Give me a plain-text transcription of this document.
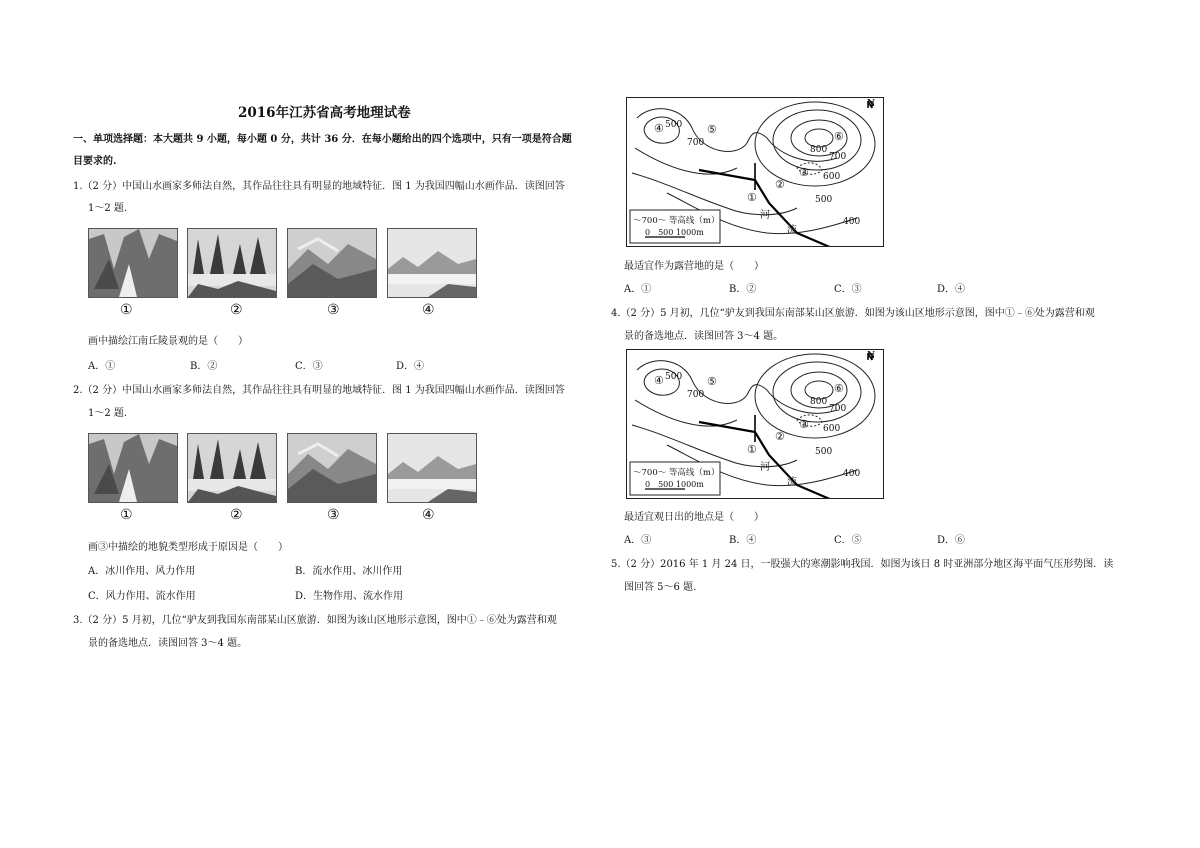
2016年江苏省高考地理试卷
一、单项选择题：本大题共 9 小题，每小题 0 分，共计 36 分．在每小题给出的四个选项中，只有一项是符合题
目要求的.
1.（2 分）中国山水画家多师法自然，其作品往往具有明显的地域特征．图 1 为我国四幅山水画作品．读图回答
1～2 题.
①	②	③	④
画中描绘江南丘陵景观的是（　　）
A．①	B．②	C．③	D．④
2.（2 分）中国山水画家多师法自然，其作品往往具有明显的地域特征．图 1 为我国四幅山水画作品．读图回答
1～2 题.
①	②	③	④
画③中描绘的地貌类型形成于原因是（　　）
A．冰川作用、风力作用	B．流水作用、冰川作用
C．风力作用、流水作用	D．生物作用、流水作用
3.（2 分）5 月初，几位“驴友到我国东南部某山区旅游．如图为该山区地形示意图，图中①﹣⑥处为露营和观
景的备选地点．读图回答 3～4 题。
N
500
700
800
700
600
500
400
①
②
③
④	⑤
⑥
河
流
～700～ 等高线（m）
0　500 1000m
最适宜作为露营地的是（　　）
A．①	B．②	C．③	D．④
4.（2 分）5 月初，几位“驴友到我国东南部某山区旅游．如图为该山区地形示意图，图中①﹣⑥处为露营和观
景的备选地点．读图回答 3～4 题。
N
500
700
800
700
600
500
400
①
②
③
④	⑤
⑥
河
流
～700～ 等高线（m）
0　500 1000m
最适宜观日出的地点是（　　）
A．③	B．④	C．⑤	D．⑥
5.（2 分）2016 年 1 月 24 日，一股强大的寒潮影响我国．如图为该日 8 时亚洲部分地区海平面气压形势图．读
图回答 5～6 题.
